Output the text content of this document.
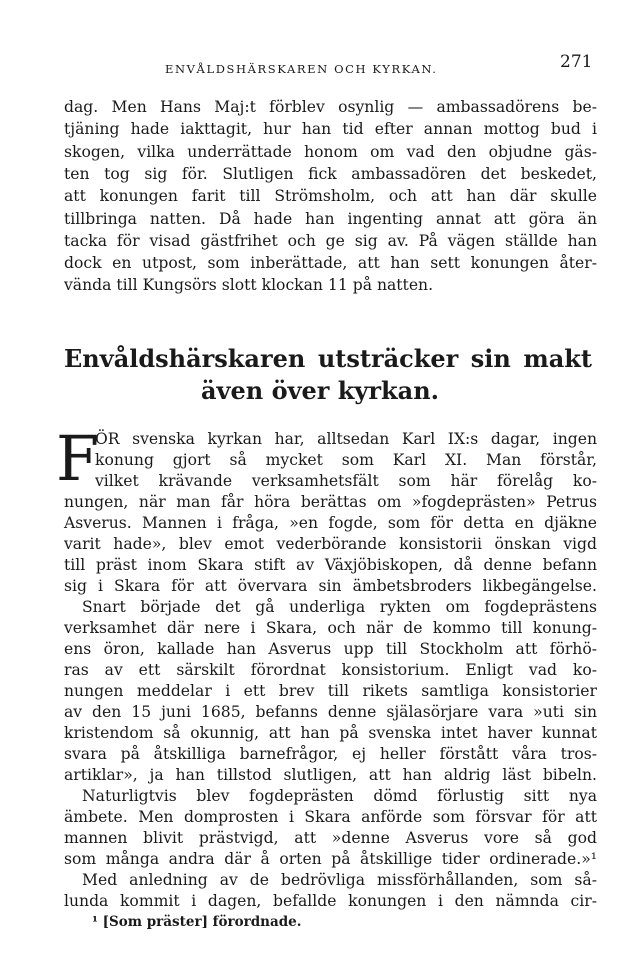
ENVÅLDSHÄRSKAREN OCH KYRKAN.	271
dag. Men Hans Maj:t förblev osynlig — ambassadörens be-
tjäning hade iakttagit, hur han tid efter annan mottog bud i
skogen, vilka underrättade honom om vad den objudne gäs-
ten tog sig för. Slutligen fick ambassadören det beskedet,
att konungen farit till Strömsholm, och att han där skulle
tillbringa natten. Då hade han ingenting annat att göra än
tacka för visad gästfrihet och ge sig av. På vägen ställde han
dock en utpost, som inberättade, att han sett konungen åter-
vända till Kungsörs slott klockan 11 på natten.
Envåldshärskaren utsträcker sin makt
även över kyrkan.
F
ÖR svenska kyrkan har, alltsedan Karl IX:s dagar, ingen
konung gjort så mycket som Karl XI. Man förstår,
vilket krävande verksamhetsfält som här förelåg ko-
nungen, när man får höra berättas om »fogdeprästen» Petrus
Asverus. Mannen i fråga, »en fogde, som för detta en djäkne
varit hade», blev emot vederbörande konsistorii önskan vigd
till präst inom Skara stift av Växjöbiskopen, då denne befann
sig i Skara för att övervara sin ämbetsbroders likbegängelse.
Snart började det gå underliga rykten om fogdeprästens
verksamhet där nere i Skara, och när de kommo till konung-
ens öron, kallade han Asverus upp till Stockholm att förhö-
ras av ett särskilt förordnat konsistorium. Enligt vad ko-
nungen meddelar i ett brev till rikets samtliga konsistorier
av den 15 juni 1685, befanns denne själasörjare vara »uti sin
kristendom så okunnig, att han på svenska intet haver kunnat
svara på åtskilliga barnefrågor, ej heller förstått våra tros-
artiklar», ja han tillstod slutligen, att han aldrig läst bibeln.
Naturligtvis blev fogdeprästen dömd förlustig sitt nya
ämbete. Men domprosten i Skara anförde som försvar för att
mannen blivit prästvigd, att »denne Asverus vore så god
som många andra där å orten på åtskillige tider ordinerade.»¹
Med anledning av de bedrövliga missförhållanden, som så-
lunda kommit i dagen, befallde konungen i den nämnda cir-
¹ [Som präster] förordnade.
